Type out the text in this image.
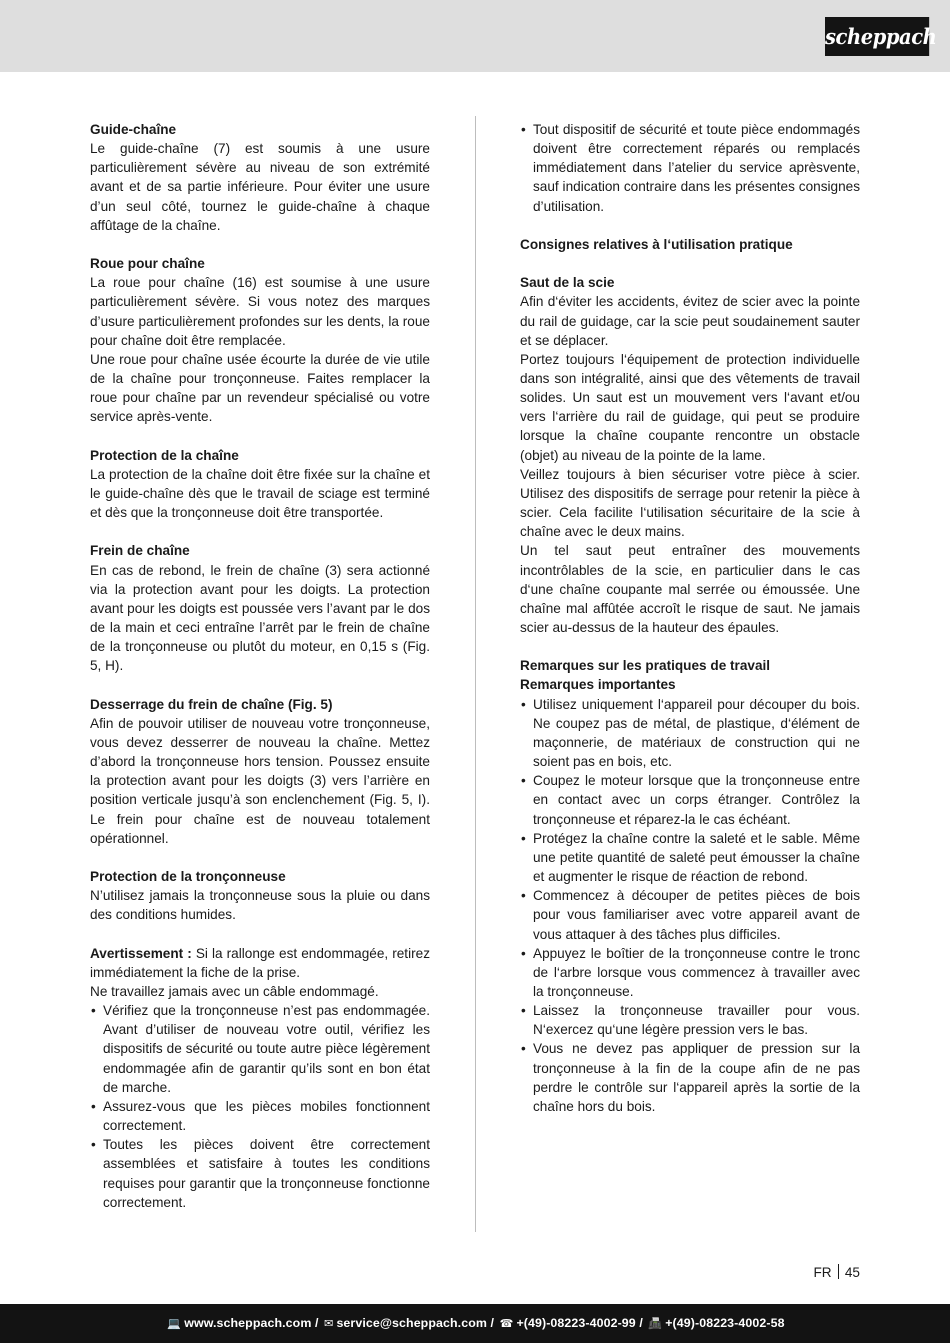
scheppach
Guide-chaîne

Le guide-chaîne (7) est soumis à une usure particulièrement sévère au niveau de son extrémité avant et de sa partie inférieure. Pour éviter une usure d’un seul côté, tournez le guide-chaîne à chaque affûtage de la chaîne.

Roue pour chaîne

La roue pour chaîne (16) est soumise à une usure particulièrement sévère. Si vous notez des marques d’usure particulièrement profondes sur les dents, la roue pour chaîne doit être remplacée.

Une roue pour chaîne usée écourte la durée de vie utile de la chaîne pour tronçonneuse. Faites remplacer la roue pour chaîne par un revendeur spécialisé ou votre service après-vente.

Protection de la chaîne

La protection de la chaîne doit être fixée sur la chaîne et le guide-chaîne dès que le travail de sciage est terminé et dès que la tronçonneuse doit être transportée.

Frein de chaîne

En cas de rebond, le frein de chaîne (3) sera actionné via la protection avant pour les doigts. La protection avant pour les doigts est poussée vers l’avant par le dos de la main et ceci entraîne l’arrêt par le frein de chaîne de la tronçonneuse ou plutôt du moteur, en 0,15 s (Fig. 5, H).

Desserrage du frein de chaîne (Fig. 5)

Afin de pouvoir utiliser de nouveau votre tronçonneuse, vous devez desserrer de nouveau la chaîne. Mettez d’abord la tronçonneuse hors tension. Poussez ensuite la protection avant pour les doigts (3) vers l’arrière en position verticale jusqu’à son enclenchement (Fig. 5, I). Le frein pour chaîne est de nouveau totalement opérationnel.

Protection de la tronçonneuse

N’utilisez jamais la tronçonneuse sous la pluie ou dans des conditions humides.

Avertissement : Si la rallonge est endommagée, retirez immédiatement la fiche de la prise.

Ne travaillez jamais avec un câble endommagé.

• Vérifiez que la tronçonneuse n’est pas endommagée. Avant d’utiliser de nouveau votre outil, vérifiez les dispositifs de sécurité ou toute autre pièce légèrement endommagée afin de garantir qu’ils sont en bon état de marche.
• Assurez-vous que les pièces mobiles fonctionnent correctement.
• Toutes les pièces doivent être correctement assemblées et satisfaire à toutes les conditions requises pour garantir que la tronçonneuse fonctionne correctement.
• Tout dispositif de sécurité et toute pièce endommagés doivent être correctement réparés ou remplacés immédiatement dans l’atelier du service aprèsvente, sauf indication contraire dans les présentes consignes d’utilisation.
Consignes relatives à l‘utilisation pratique
Saut de la scie

Afin d‘éviter les accidents, évitez de scier avec la pointe du rail de guidage, car la scie peut soudainement sauter et se déplacer.

Portez toujours l‘équipement de protection individuelle dans son intégralité, ainsi que des vêtements de travail solides. Un saut est un mouvement vers l‘avant et/ou vers l‘arrière du rail de guidage, qui peut se produire lorsque la chaîne coupante rencontre un obstacle (objet) au niveau de la pointe de la lame.

Veillez toujours à bien sécuriser votre pièce à scier. Utilisez des dispositifs de serrage pour retenir la pièce à scier. Cela facilite l‘utilisation sécuritaire de la scie à chaîne avec le deux mains.

Un tel saut peut entraîner des mouvements incontrôlables de la scie, en particulier dans le cas d‘une chaîne coupante mal serrée ou émoussée. Une chaîne mal affûtée accroît le risque de saut. Ne jamais scier au-dessus de la hauteur des épaules.

Remarques sur les pratiques de travail
Remarques importantes
• Utilisez uniquement l‘appareil pour découper du bois. Ne coupez pas de métal, de plastique, d‘élément de maçonnerie, de matériaux de construction qui ne soient pas en bois, etc.
• Coupez le moteur lorsque que la tronçonneuse entre en contact avec un corps étranger. Contrôlez la tronçonneuse et réparez-la le cas échéant.
• Protégez la chaîne contre la saleté et le sable. Même une petite quantité de saleté peut émousser la chaîne et augmenter le risque de réaction de rebond.
• Commencez à découper de petites pièces de bois pour vous familiariser avec votre appareil avant de vous attaquer à des tâches plus difficiles.
• Appuyez le boîtier de la tronçonneuse contre le tronc de l‘arbre lorsque vous commencez à travailler avec la tronçonneuse.
• Laissez la tronçonneuse travailler pour vous. N‘exercez qu‘une légère pression vers le bas.
• Vous ne devez pas appliquer de pression sur la tronçonneuse à la fin de la coupe afin de ne pas perdre le contrôle sur l‘appareil après la sortie de la chaîne hors du bois.
FR 45
💻 www.scheppach.com / ✉ service@scheppach.com / ☎ +(49)-08223-4002-99 / 📠 +(49)-08223-4002-58
